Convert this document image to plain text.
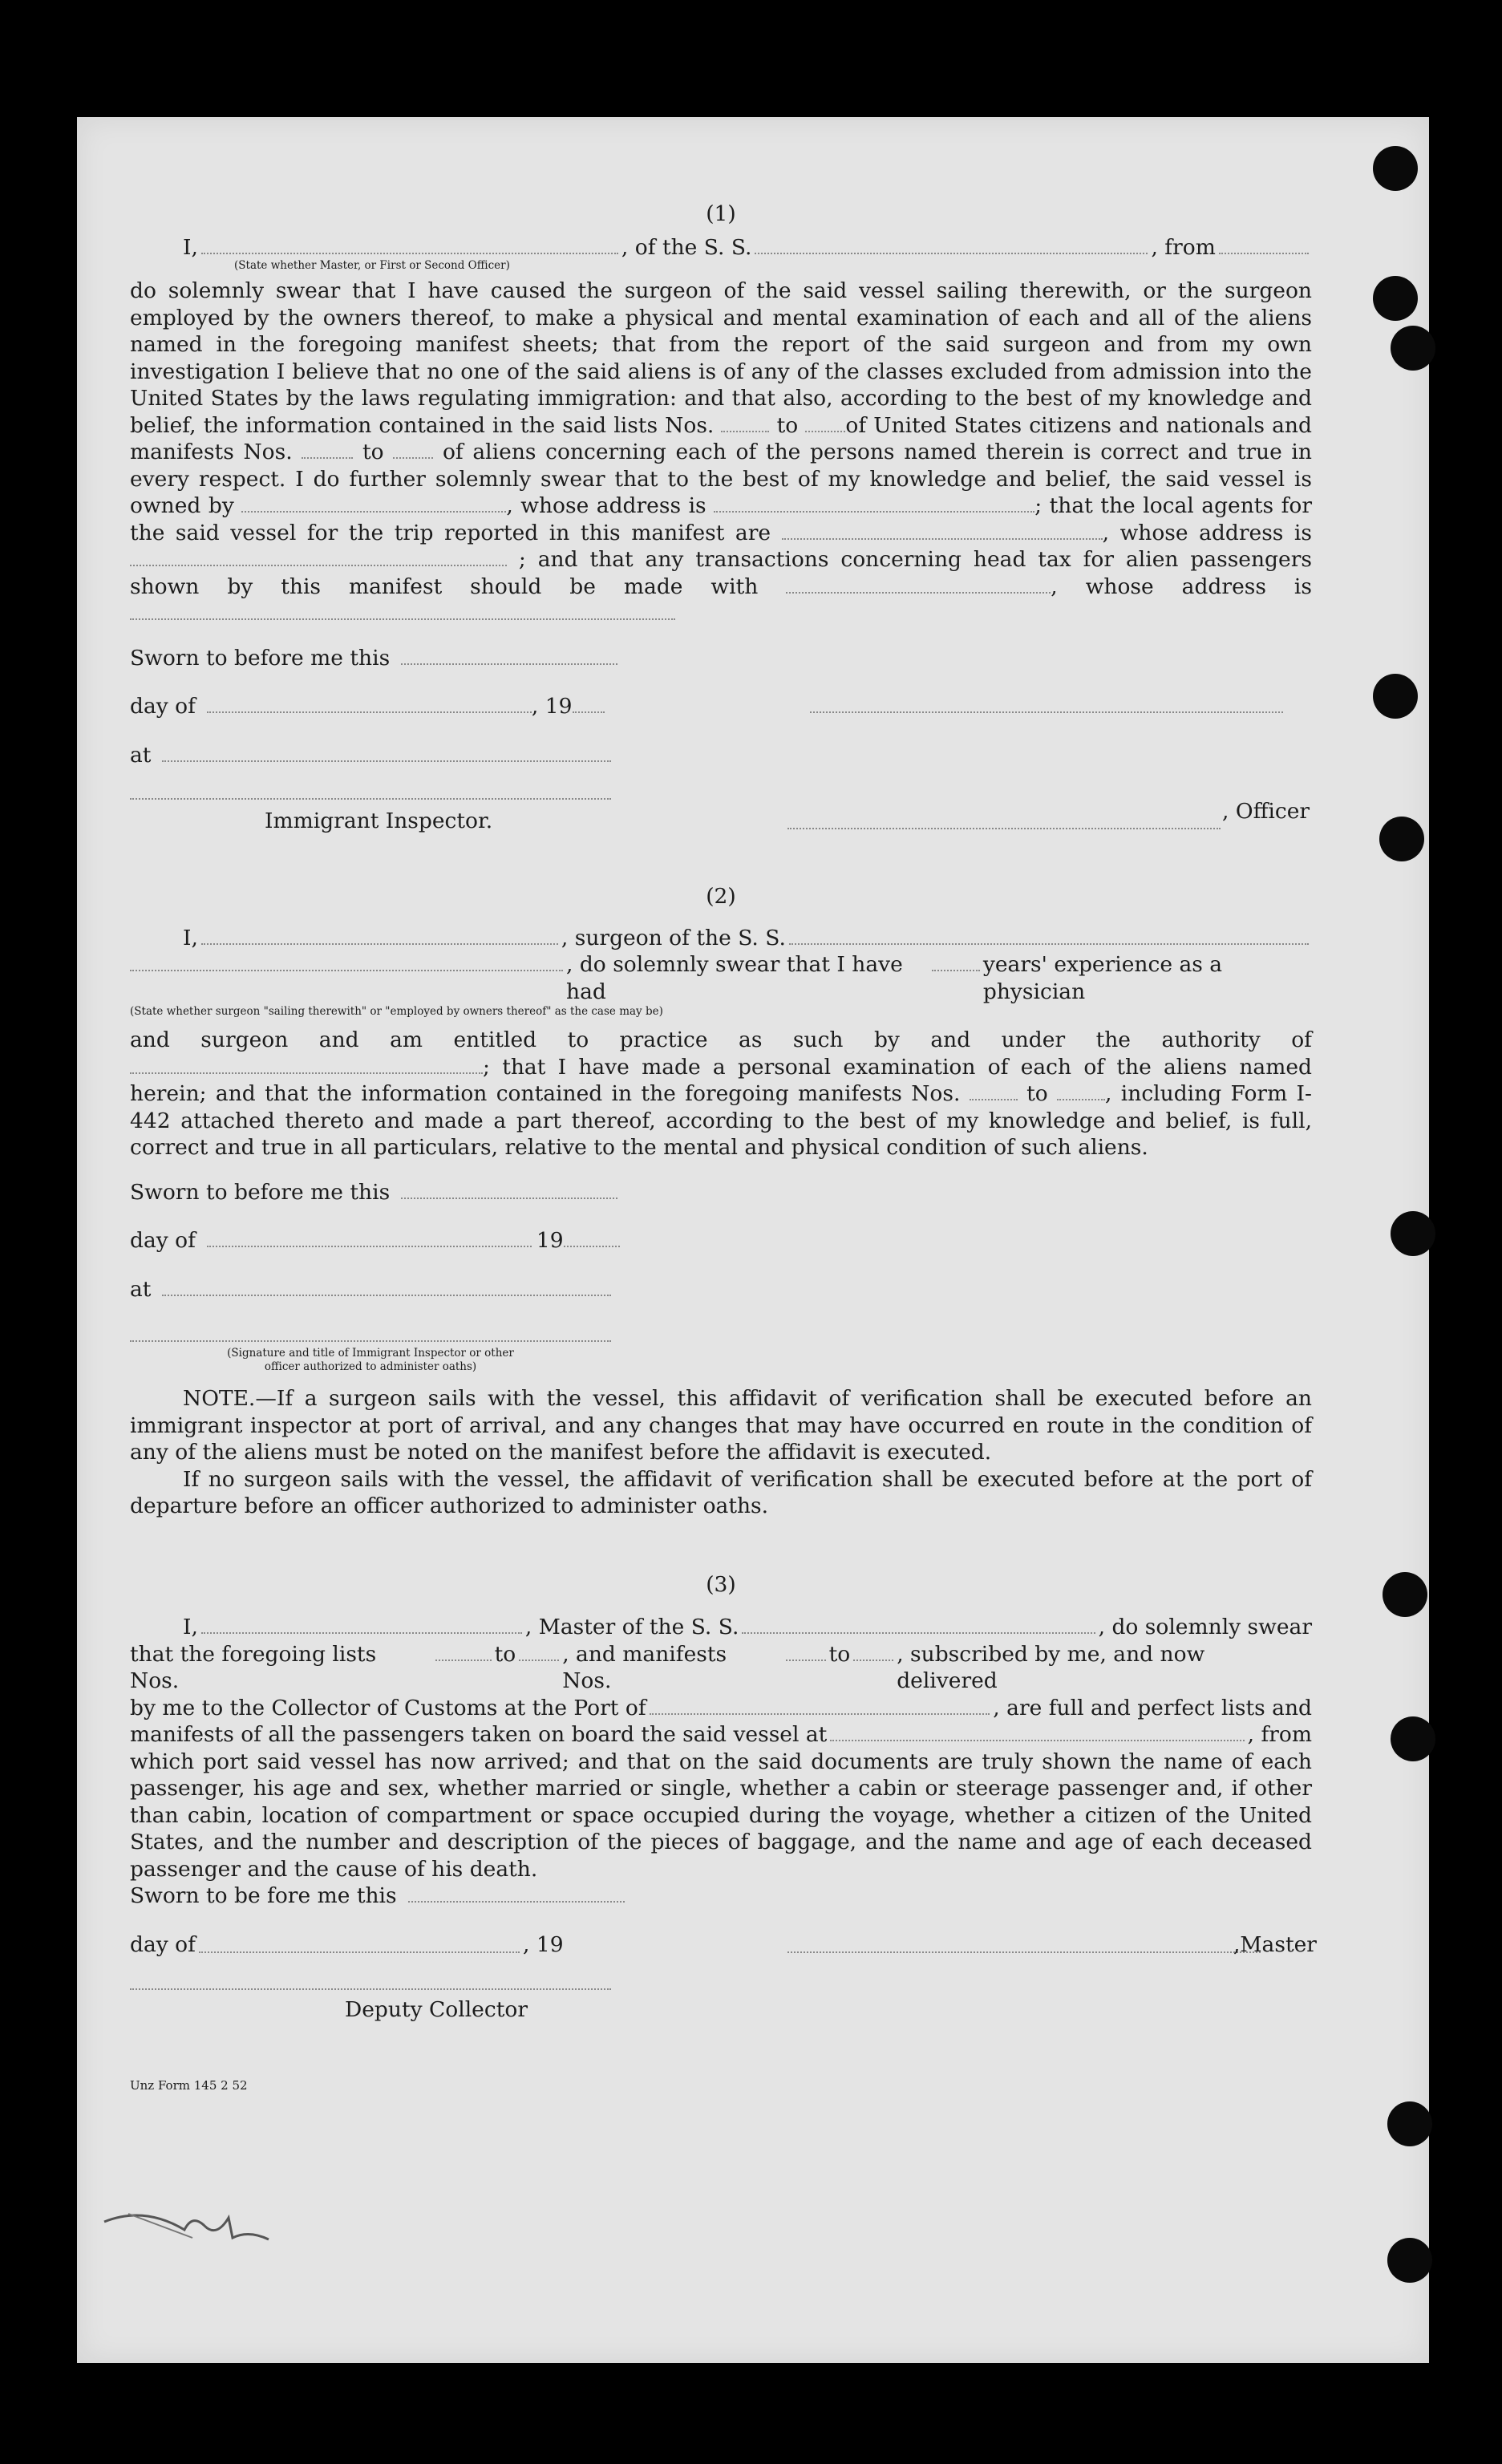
(1)
I,	, of the S. S.	, from
(State whether Master, or First or Second Officer)

do solemnly swear that I have caused the surgeon of the said vessel sailing therewith, or the surgeon employed by the owners thereof, to make a physical and mental examination of each and all of the aliens named in the foregoing manifest sheets; that from the report of the said surgeon and from my own investigation I believe that no one of the said aliens is of any of the classes excluded from admission into the United States by the laws regulating immigration: and that also, according to the best of my knowledge and belief, the information contained in the said lists Nos.	to of United States citizens and nationals and manifests Nos.	to	of aliens concerning each of the persons named therein is correct and true in every respect. I do further solemnly swear that to the best of my knowledge and belief, the said vessel is owned by	, whose address is	; that the local agents for the said vessel for the trip reported in this manifest are	, whose address is  ; and that any transactions concerning head tax for alien passengers shown by this manifest should be made with	, whose address is

Sworn to before me this
day of	, 19
at
Immigrant Inspector.	, Officer
(2)
I,	, surgeon of the S. S.
, do solemnly swear that I have had
years' experience as a physician
(State whether surgeon "sailing therewith" or "employed by owners thereof" as the case may be)

and surgeon and am entitled to practice as such by and under the authority of ; that I have made a personal examination of each of the aliens named herein; and that the information contained in the foregoing manifests Nos.	to	, including Form I-442 attached thereto and made a part thereof, according to the best of my knowledge and belief, is full, correct and true in all particulars, relative to the mental and physical condition of such aliens.

Sworn to before me this
day of	19
at
(Signature and title of Immigrant Inspector or other
officer authorized to administer oaths)

NOTE.—If a surgeon sails with the vessel, this affidavit of verification shall be executed before an immigrant inspector at port of arrival, and any changes that may have occurred en route in the condition of any of the aliens must be noted on the manifest before the affidavit is executed.

If no surgeon sails with the vessel, the affidavit of verification shall be executed before at the port of departure before an officer authorized to administer oaths.

(3)
I,	, Master of the S. S.	, do solemnly swear
that the foregoing lists Nos.
to , and manifests Nos.
to , subscribed by me, and now delivered
by me to the Collector of Customs at the Port of	, are full and perfect lists and
manifests of all the passengers taken on board the said vessel at	, from

which port said vessel has now arrived; and that on the said documents are truly shown the name of each passenger, his age and sex, whether married or single, whether a cabin or steerage passenger and, if other than cabin, location of compartment or space occupied during the voyage, whether a citizen of the United States, and the number and description of the pieces of baggage, and the name and age of each deceased passenger and the cause of his death.

Sworn to be fore me this
day of	, 19	,Master
Deputy Collector
Unz Form 145 2 52
